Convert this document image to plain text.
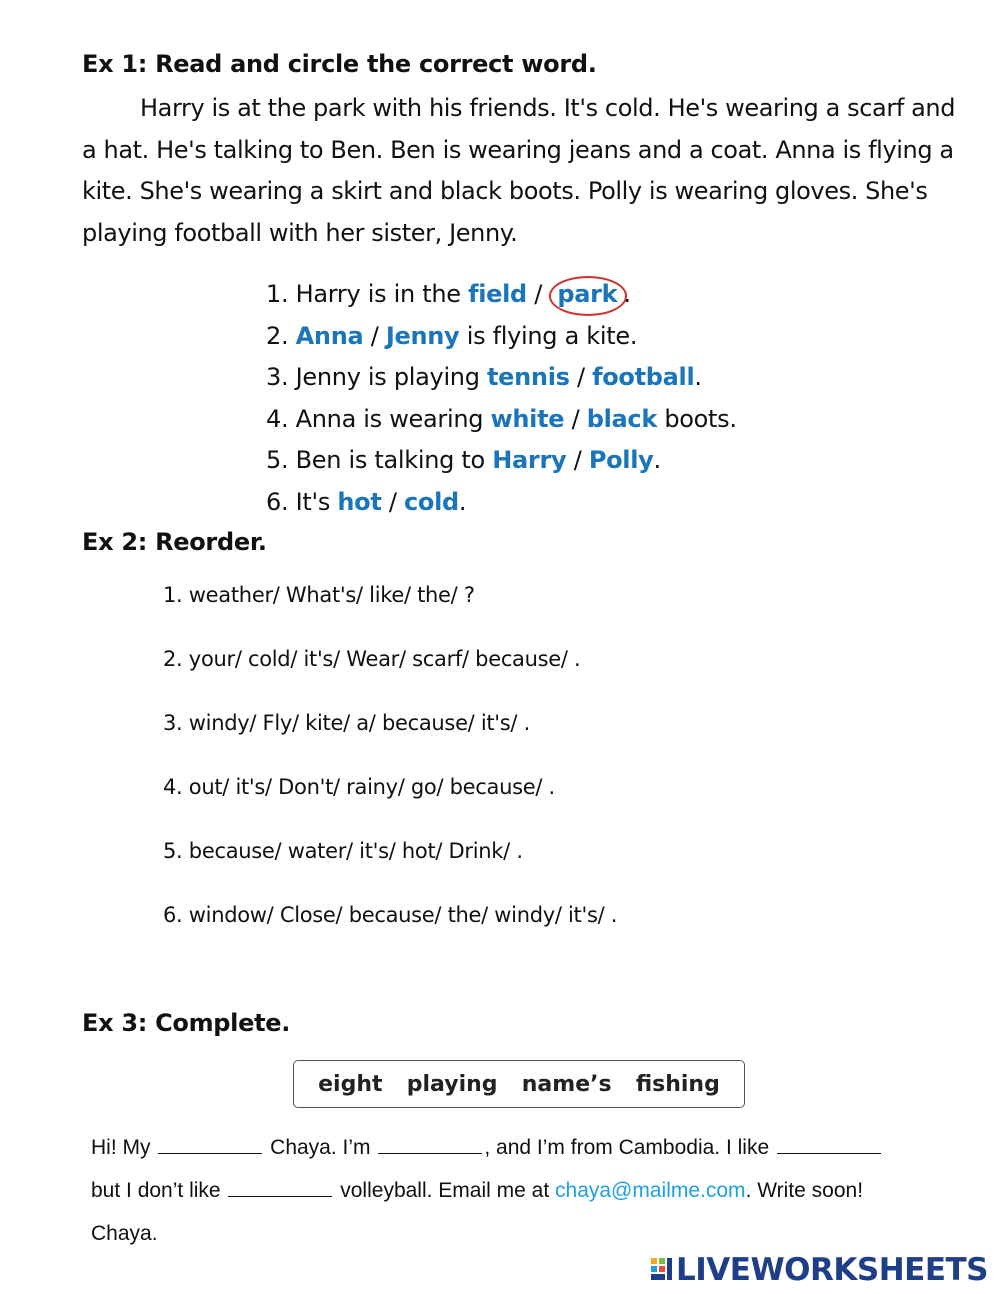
Ex 1: Read and circle the correct word.
Harry is at the park with his friends. It's cold. He's wearing a scarf and a hat. He's talking to Ben. Ben is wearing jeans and a coat. Anna is flying a kite. She's wearing a skirt and black boots. Polly is wearing gloves. She's playing football with her sister, Jenny.
1. Harry is in the field / park .
2. Anna / Jenny is flying a kite.
3. Jenny is playing tennis / football.
4. Anna is wearing white / black boots.
5. Ben is talking to Harry / Polly.
6. It's hot / cold.
Ex 2: Reorder.
1. weather/ What's/ like/ the/ ?
2. your/ cold/ it's/ Wear/ scarf/ because/ .
3. windy/ Fly/ kite/ a/ because/ it's/ .
4. out/ it's/ Don't/ rainy/ go/ because/ .
5. because/ water/ it's/ hot/ Drink/ .
6. window/ Close/ because/ the/ windy/ it's/ .
Ex 3: Complete.
eight playing name’s fishing
Hi! My	Chaya. I’m	, and I’m from Cambodia. I like
but I don’t like	volleyball. Email me at chaya@mailme.com. Write soon!
Chaya.
LIVEWORKSHEETS
